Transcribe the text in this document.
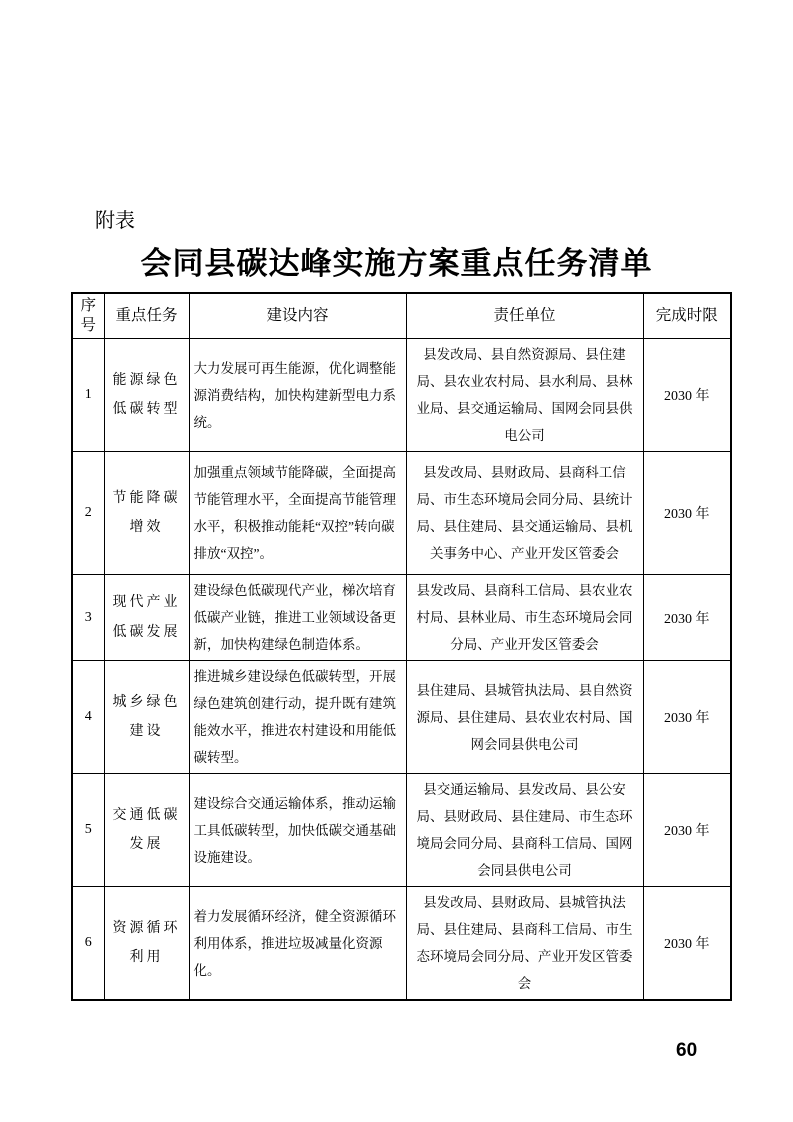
附表
会同县碳达峰实施方案重点任务清单
序号	重点任务	建设内容	责任单位	完成时限
1	能源绿色低碳转型	大力发展可再生能源，优化调整能源消费结构，加快构建新型电力系统。	县发改局、县自然资源局、县住建局、县农业农村局、县水利局、县林业局、县交通运输局、国网会同县供电公司	2030 年
2	节能降碳增效	加强重点领域节能降碳，全面提高节能管理水平，全面提高节能管理水平，积极推动能耗“双控”转向碳排放“双控”。	县发改局、县财政局、县商科工信局、市生态环境局会同分局、县统计局、县住建局、县交通运输局、县机关事务中心、产业开发区管委会	2030 年
3	现代产业低碳发展	建设绿色低碳现代产业，梯次培育低碳产业链，推进工业领域设备更新，加快构建绿色制造体系。	县发改局、县商科工信局、县农业农村局、县林业局、市生态环境局会同分局、产业开发区管委会	2030 年
4	城乡绿色建设	推进城乡建设绿色低碳转型，开展绿色建筑创建行动，提升既有建筑能效水平，推进农村建设和用能低碳转型。	县住建局、县城管执法局、县自然资源局、县住建局、县农业农村局、国网会同县供电公司	2030 年
5	交通低碳发展	建设综合交通运输体系，推动运输工具低碳转型，加快低碳交通基础设施建设。	县交通运输局、县发改局、县公安局、县财政局、县住建局、市生态环境局会同分局、县商科工信局、国网会同县供电公司	2030 年
6	资源循环利用	着力发展循环经济，健全资源循环利用体系，推进垃圾减量化资源化。	县发改局、县财政局、县城管执法局、县住建局、县商科工信局、市生态环境局会同分局、产业开发区管委会	2030 年
60
